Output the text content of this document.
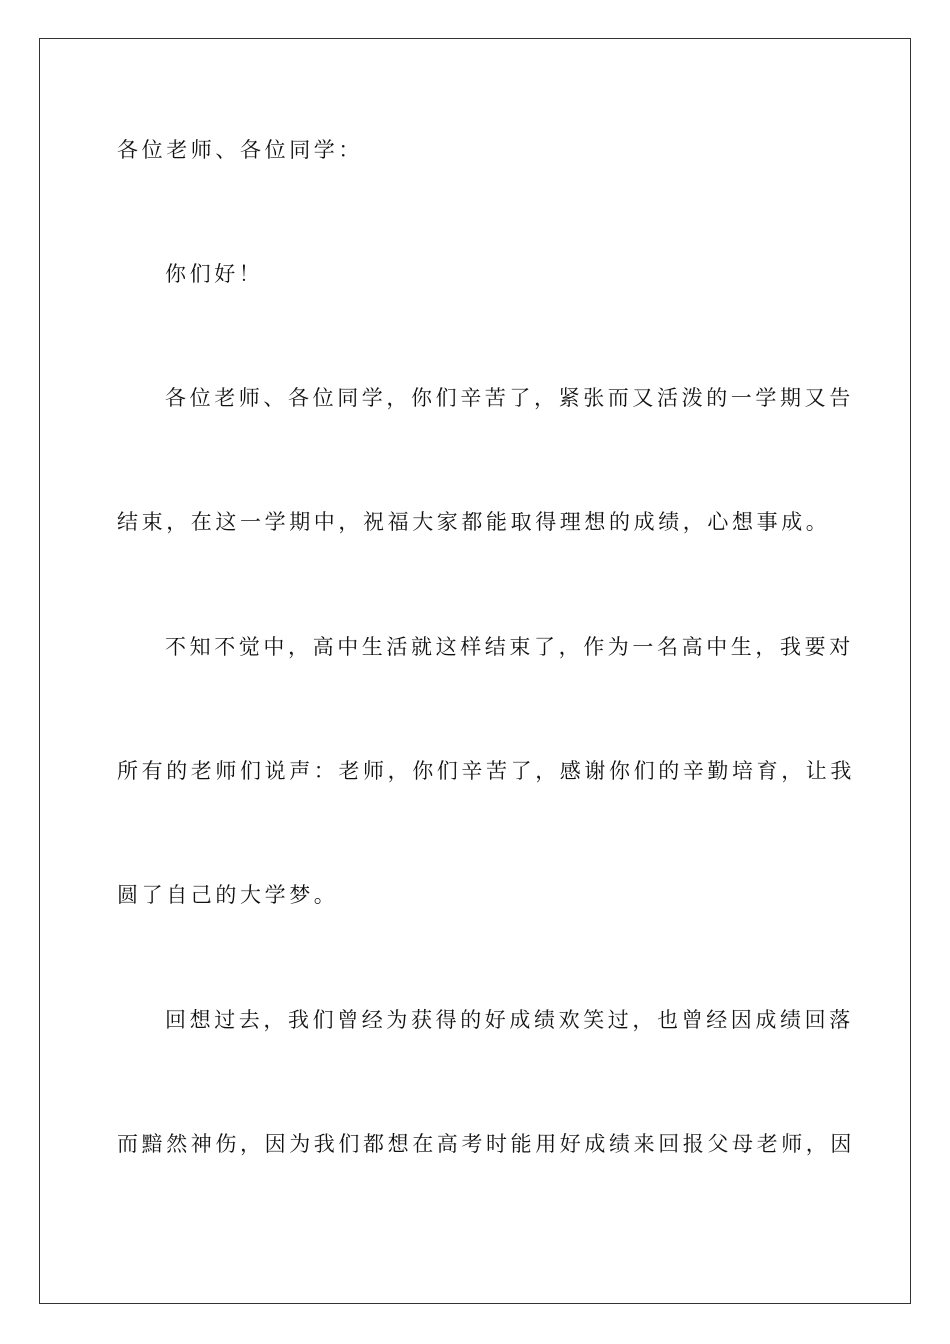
各位老师、各位同学：
你们好！
各位老师、各位同学，你们辛苦了，紧张而又活泼的一学期又告
结束，在这一学期中，祝福大家都能取得理想的成绩，心想事成。
不知不觉中，高中生活就这样结束了，作为一名高中生，我要对
所有的老师们说声：老师，你们辛苦了，感谢你们的辛勤培育，让我
圆了自己的大学梦。
回想过去，我们曾经为获得的好成绩欢笑过，也曾经因成绩回落
而黯然神伤，因为我们都想在高考时能用好成绩来回报父母老师，因
